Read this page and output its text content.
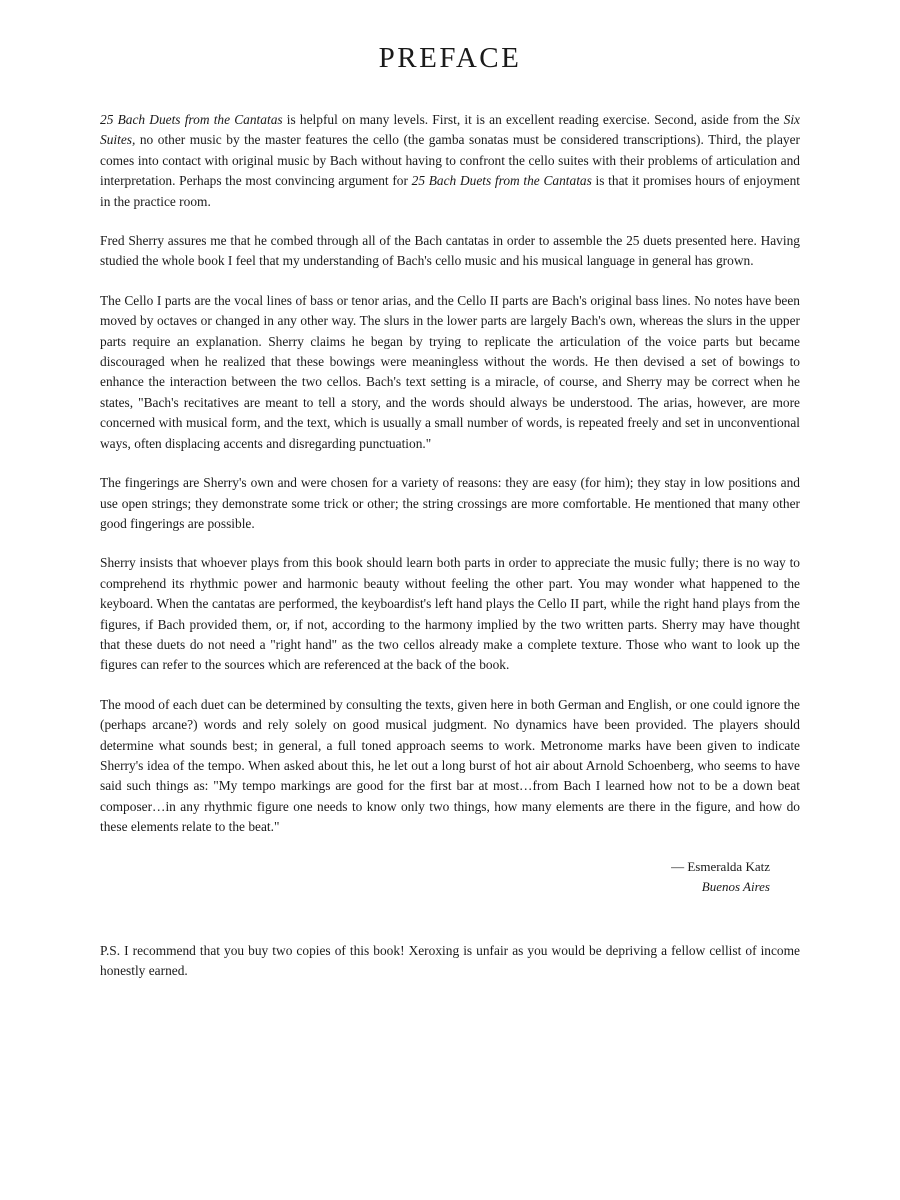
PREFACE

25 Bach Duets from the Cantatas is helpful on many levels. First, it is an excellent reading exercise. Second, aside from the Six Suites, no other music by the master features the cello (the gamba sonatas must be considered transcriptions). Third, the player comes into contact with original music by Bach without having to confront the cello suites with their problems of articulation and interpretation. Perhaps the most convincing argument for 25 Bach Duets from the Cantatas is that it promises hours of enjoyment in the practice room.

Fred Sherry assures me that he combed through all of the Bach cantatas in order to assemble the 25 duets presented here. Having studied the whole book I feel that my understanding of Bach's cello music and his musical language in general has grown.

The Cello I parts are the vocal lines of bass or tenor arias, and the Cello II parts are Bach's original bass lines. No notes have been moved by octaves or changed in any other way. The slurs in the lower parts are largely Bach's own, whereas the slurs in the upper parts require an explanation. Sherry claims he began by trying to replicate the articulation of the voice parts but became discouraged when he realized that these bowings were meaningless without the words. He then devised a set of bowings to enhance the interaction between the two cellos. Bach's text setting is a miracle, of course, and Sherry may be correct when he states, "Bach's recitatives are meant to tell a story, and the words should always be understood. The arias, however, are more concerned with musical form, and the text, which is usually a small number of words, is repeated freely and set in unconventional ways, often displacing accents and disregarding punctuation."

The fingerings are Sherry's own and were chosen for a variety of reasons: they are easy (for him); they stay in low positions and use open strings; they demonstrate some trick or other; the string crossings are more comfortable. He mentioned that many other good fingerings are possible.

Sherry insists that whoever plays from this book should learn both parts in order to appreciate the music fully; there is no way to comprehend its rhythmic power and harmonic beauty without feeling the other part. You may wonder what happened to the keyboard. When the cantatas are performed, the keyboardist's left hand plays the Cello II part, while the right hand plays from the figures, if Bach provided them, or, if not, according to the harmony implied by the two written parts. Sherry may have thought that these duets do not need a "right hand" as the two cellos already make a complete texture. Those who want to look up the figures can refer to the sources which are referenced at the back of the book.

The mood of each duet can be determined by consulting the texts, given here in both German and English, or one could ignore the (perhaps arcane?) words and rely solely on good musical judgment. No dynamics have been provided. The players should determine what sounds best; in general, a full toned approach seems to work. Metronome marks have been given to indicate Sherry's idea of the tempo. When asked about this, he let out a long burst of hot air about Arnold Schoenberg, who seems to have said such things as: "My tempo markings are good for the first bar at most…from Bach I learned how not to be a down beat composer…in any rhythmic figure one needs to know only two things, how many elements are there in the figure, and how do these elements relate to the beat."

— Esmeralda Katz
Buenos Aires

P.S. I recommend that you buy two copies of this book! Xeroxing is unfair as you would be depriving a fellow cellist of income honestly earned.
